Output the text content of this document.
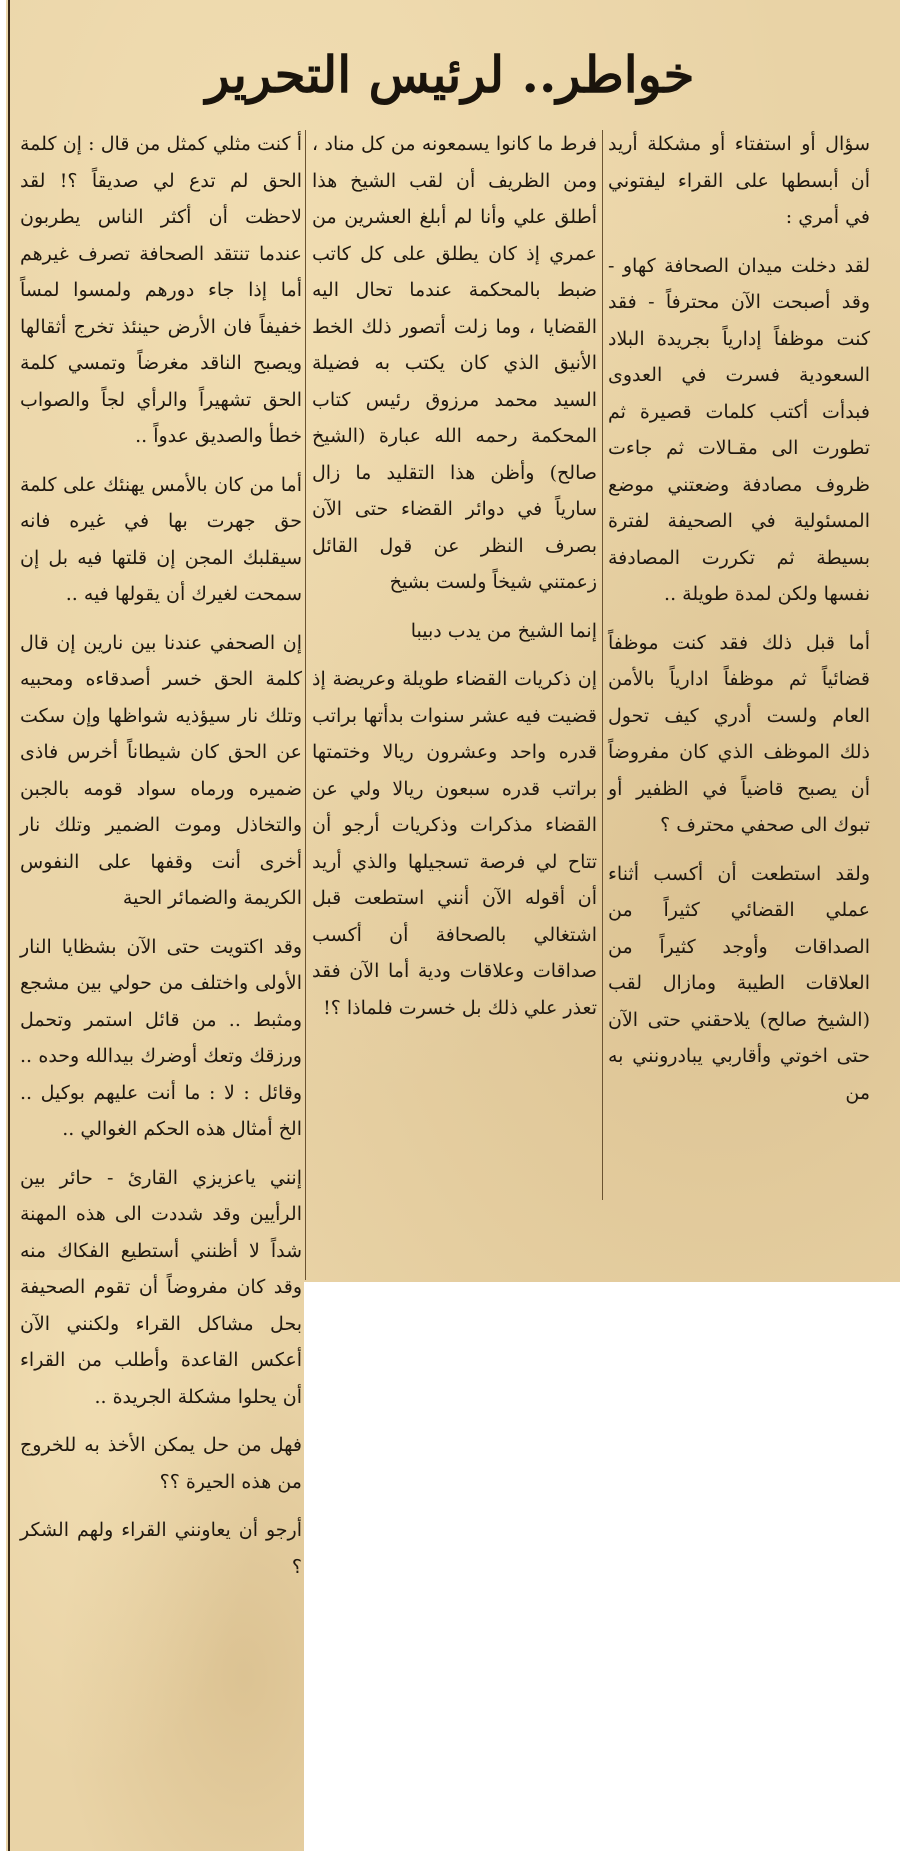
خواطر.. لرئيس التحرير

سؤال أو استفتاء أو مشكلة أريد أن أبسطها على القراء ليفتوني في أمري :

لقد دخلت ميدان الصحافة كهاو - وقد أصبحت الآن محترفاً - فقد كنت موظفاً إدارياً بجريدة البلاد السعودية فسرت في العدوى فبدأت أكتب كلمات قصيرة ثم تطورت الى مقـالات ثم جاءت ظروف مصادفة وضعتني موضع المسئولية في الصحيفة لفترة بسيطة ثم تكررت المصادفة نفسها ولكن لمدة طويلة ..

أما قبل ذلك فقد كنت موظفاً قضائياً ثم موظفاً ادارياً بالأمن العام ولست أدري كيف تحول ذلك الموظف الذي كان مفروضاً أن يصبح قاضياً في الظفير أو تبوك الى صحفي محترف ؟

ولقد استطعت أن أكسب أثناء عملي القضائي كثيراً من الصداقات وأوجد كثيراً من العلاقات الطيبة ومازال لقب (الشيخ صالح) يلاحقني حتى الآن حتى اخوتي وأقاربي يبادرونني به من

فرط ما كانوا يسمعونه من كل مناد ، ومن الظريف أن لقب الشيخ هذا أطلق علي وأنا لم أبلغ العشرين من عمري إذ كان يطلق على كل كاتب ضبط بالمحكمة عندما تحال اليه القضايا ، وما زلت أتصور ذلك الخط الأنيق الذي كان يكتب به فضيلة السيد محمد مرزوق رئيس كتاب المحكمة رحمه الله عبارة (الشيخ صالح) وأظن هذا التقليد ما زال سارياً في دوائر القضاء حتى الآن بصرف النظر عن قول القائل زعمتني شيخاً ولست بشيخ

إنما الشيخ من يدب دبيبا

إن ذكريات القضاء طويلة وعريضة إذ قضيت فيه عشر سنوات بدأتها براتب قدره واحد وعشرون ريالا وختمتها براتب قدره سبعون ريالا ولي عن القضاء مذكرات وذكريات أرجو أن تتاح لي فرصة تسجيلها والذي أريد أن أقوله الآن أنني استطعت قبل اشتغالي بالصحافة أن أكسب صداقات وعلاقات ودية أما الآن فقد تعذر علي ذلك بل خسرت فلماذا ؟!

أ كنت مثلي كمثل من قال : إن كلمة الحق لم تدع لي صديقاً ؟! لقد لاحظت أن أكثر الناس يطربون عندما تنتقد الصحافة تصرف غيرهم أما إذا جاء دورهم ولمسوا لمساً خفيفاً فان الأرض حينئذ تخرج أثقالها ويصبح الناقد مغرضاً وتمسي كلمة الحق تشهيراً والرأي لجاً والصواب خطأ والصديق عدواً ..

أما من كان بالأمس يهنئك على كلمة حق جهرت بها في غيره فانه سيقلبك المجن إن قلتها فيه بل إن سمحت لغيرك أن يقولها فيه ..

إن الصحفي عندنا بين نارين إن قال كلمة الحق خسر أصدقاءه ومحبيه وتلك نار سيؤذيه شواظها وإن سكت عن الحق كان شيطاناً أخرس فاذى ضميره ورماه سواد قومه بالجبن والتخاذل وموت الضمير وتلك نار أخرى أنت وقفها على النفوس الكريمة والضمائر الحية

وقد اكتويت حتى الآن بشظايا النار الأولى واختلف من حولي بين مشجع ومثبط .. من قائل استمر وتحمل ورزقك وتعك أوضرك بيدالله وحده .. وقائل : لا : ما أنت عليهم بوكيل .. الخ أمثال هذه الحكم الغوالي ..

إنني ياعزيزي القارئ - حائر بين الرأيين وقد شددت الى هذه المهنة شداً لا أظنني أستطيع الفكاك منه وقد كان مفروضاً أن تقوم الصحيفة بحل مشاكل القراء ولكنني الآن أعكس القاعدة وأطلب من القراء أن يحلوا مشكلة الجريدة ..

فهل من حل يمكن الأخذ به للخروج من هذه الحيرة ؟؟

أرجو أن يعاونني القراء ولهم الشكر ؟
